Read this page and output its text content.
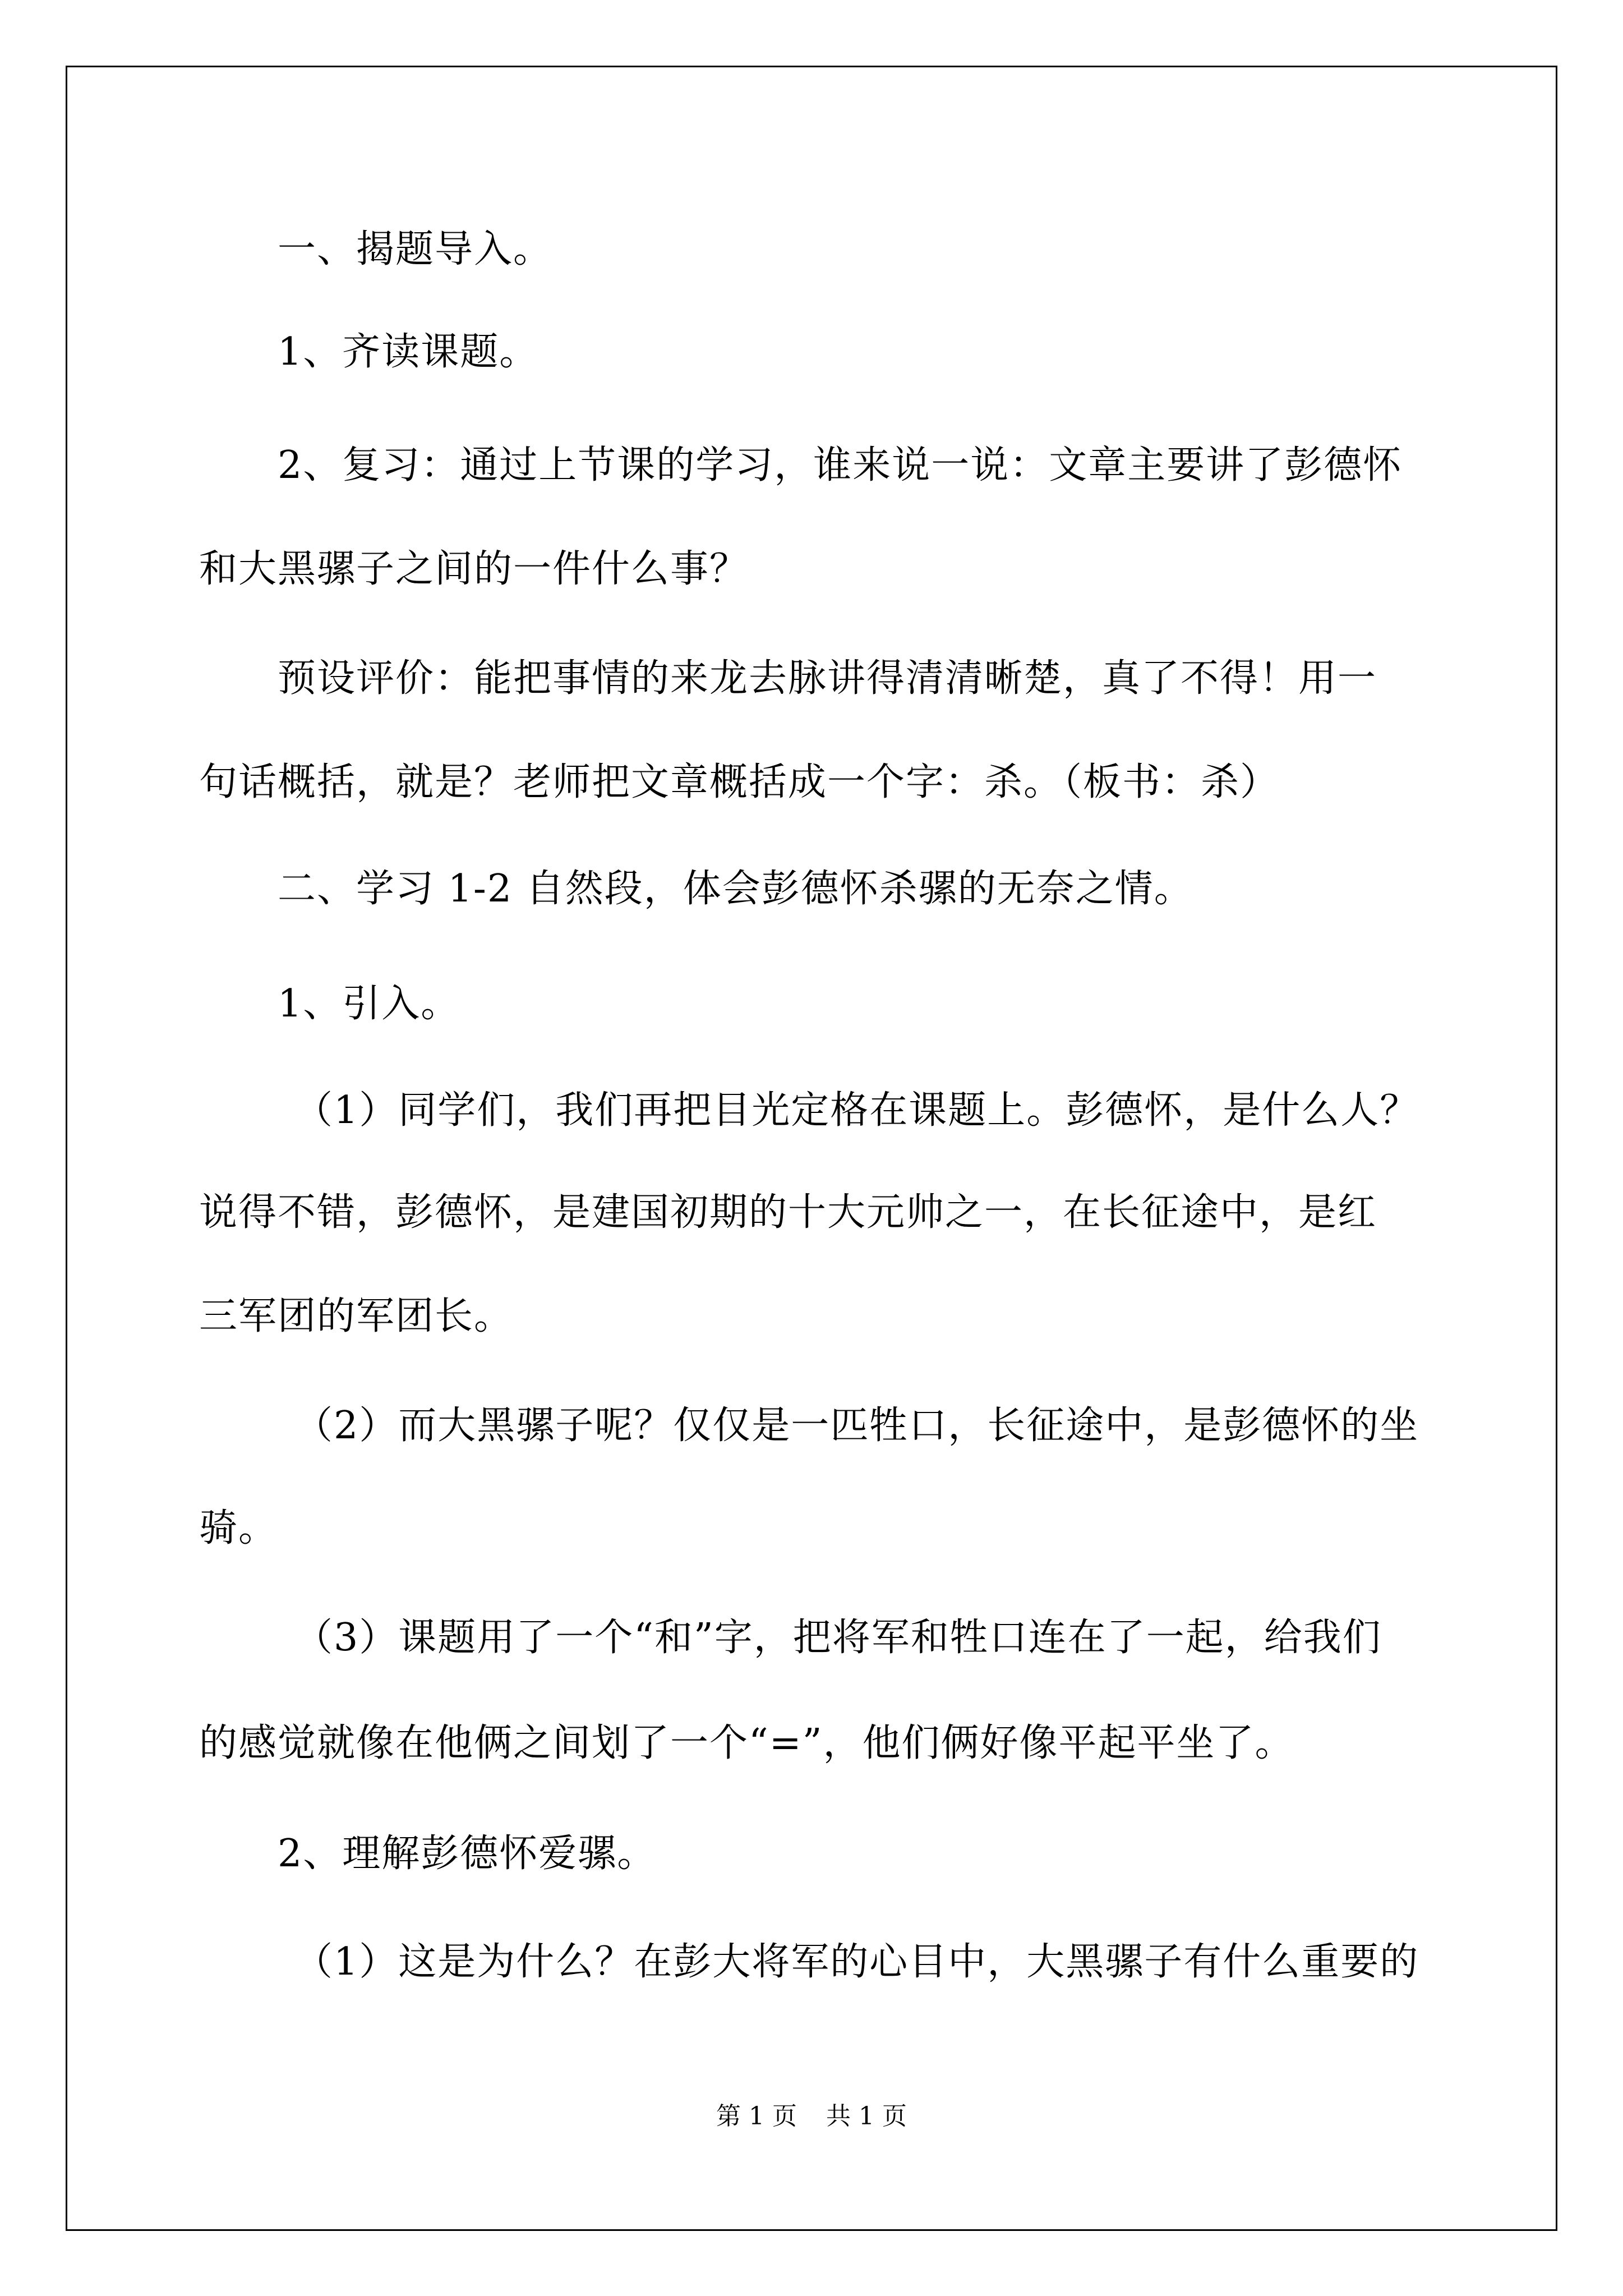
一、揭题导入。
1、齐读课题。
2、复习：通过上节课的学习，谁来说一说：文章主要讲了彭德怀
和大黑骡子之间的一件什么事？
预设评价：能把事情的来龙去脉讲得清清晰楚，真了不得！用一
句话概括，就是？老师把文章概括成一个字：杀。（板书：杀）
二、学习 1-2 自然段，体会彭德怀杀骡的无奈之情。
1、引入。
（1）同学们，我们再把目光定格在课题上。彭德怀，是什么人？
说得不错，彭德怀，是建国初期的十大元帅之一，在长征途中，是红
三军团的军团长。
（2）而大黑骡子呢？仅仅是一匹牲口，长征途中，是彭德怀的坐
骑。
（3）课题用了一个“和”字，把将军和牲口连在了一起，给我们
的感觉就像在他俩之间划了一个“=”，他们俩好像平起平坐了。
2、理解彭德怀爱骡。
（1）这是为什么？在彭大将军的心目中，大黑骡子有什么重要的
第 1 页 共 1 页
